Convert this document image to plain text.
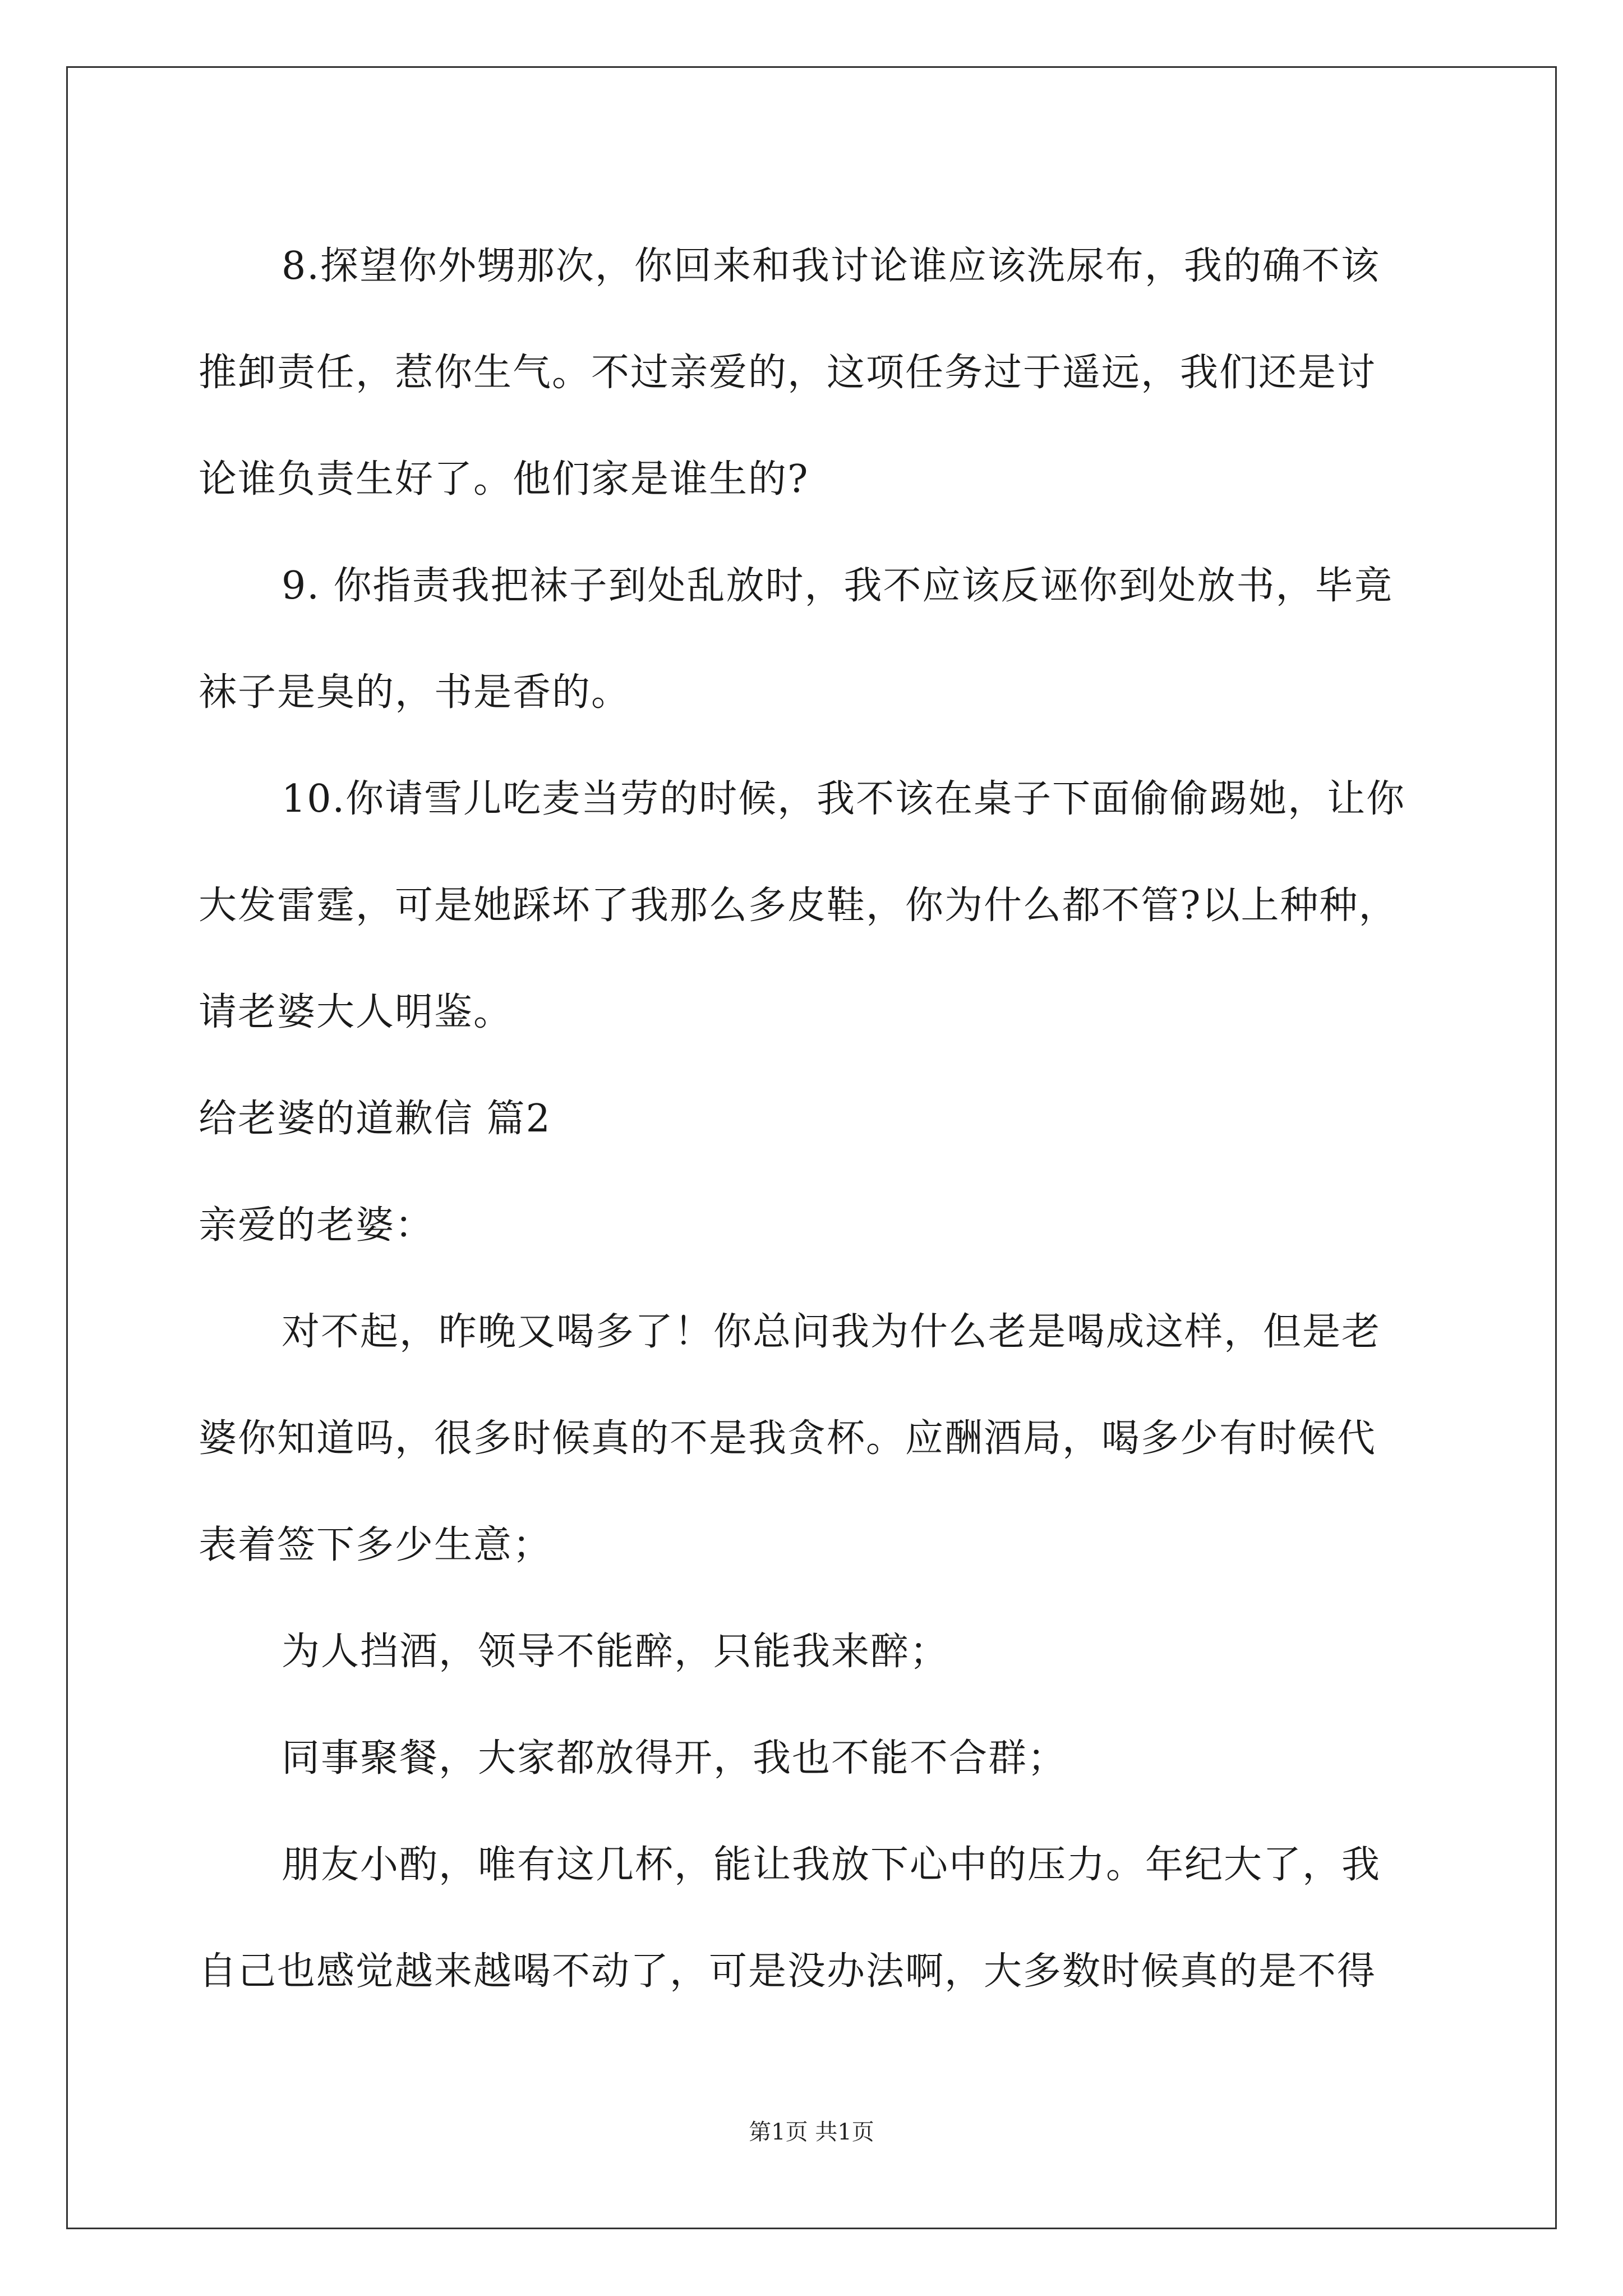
8.探望你外甥那次，你回来和我讨论谁应该洗尿布，我的确不该
推卸责任，惹你生气。不过亲爱的，这项任务过于遥远，我们还是讨
论谁负责生好了。他们家是谁生的?
9. 你指责我把袜子到处乱放时，我不应该反诬你到处放书，毕竟
袜子是臭的，书是香的。
10.你请雪儿吃麦当劳的时候，我不该在桌子下面偷偷踢她，让你
大发雷霆，可是她踩坏了我那么多皮鞋，你为什么都不管?以上种种，
请老婆大人明鉴。
给老婆的道歉信 篇2
亲爱的老婆：
对不起，昨晚又喝多了！你总问我为什么老是喝成这样，但是老
婆你知道吗，很多时候真的不是我贪杯。应酬酒局，喝多少有时候代
表着签下多少生意；
为人挡酒，领导不能醉，只能我来醉；
同事聚餐，大家都放得开，我也不能不合群；
朋友小酌，唯有这几杯，能让我放下心中的压力。年纪大了，我
自己也感觉越来越喝不动了，可是没办法啊，大多数时候真的是不得
第1页 共1页
